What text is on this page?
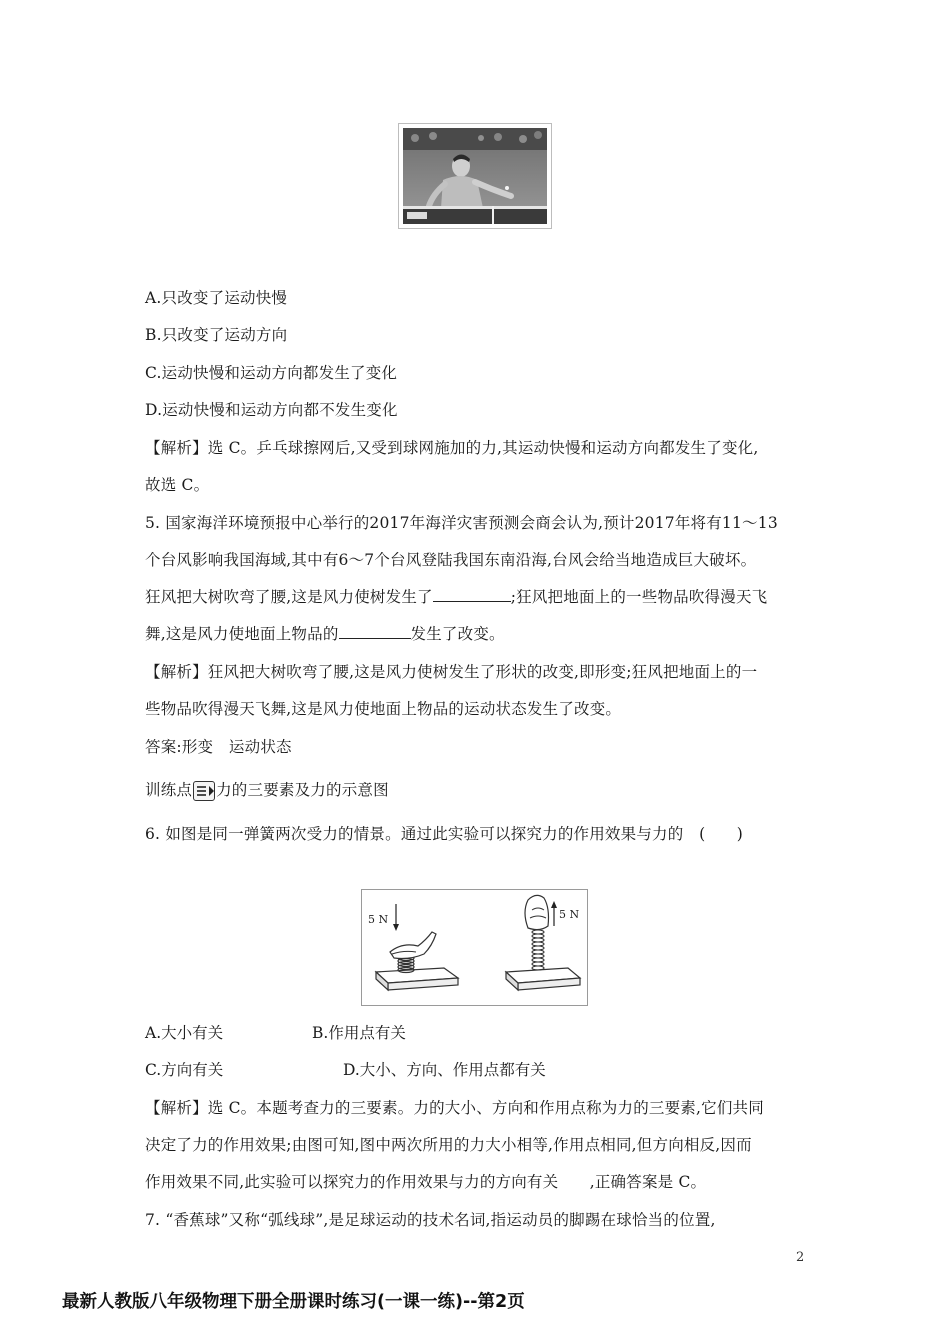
A.只改变了运动快慢
B.只改变了运动方向
C.运动快慢和运动方向都发生了变化
D.运动快慢和运动方向都不发生变化
【解析】选 C。乒乓球擦网后,又受到球网施加的力,其运动快慢和运动方向都发生了变化,
故选 C。
5. 国家海洋环境预报中心举行的2017年海洋灾害预测会商会认为,预计2017年将有11～13
个台风影响我国海域,其中有6～7个台风登陆我国东南沿海,台风会给当地造成巨大破坏。
狂风把大树吹弯了腰,这是风力使树发生了	;狂风把地面上的一些物品吹得漫天飞
舞,这是风力使地面上物品的	发生了改变。
【解析】狂风把大树吹弯了腰,这是风力使树发生了形状的改变,即形变;狂风把地面上的一
些物品吹得漫天飞舞,这是风力使地面上物品的运动状态发生了改变。
答案:形变　运动状态
训练点 力的三要素及力的示意图
6. 如图是同一弹簧两次受力的情景。通过此实验可以探究力的作用效果与力的　(　　)
5 N	5 N
A.大小有关	B.作用点有关
C.方向有关	D.大小、方向、作用点都有关
【解析】选 C。本题考查力的三要素。力的大小、方向和作用点称为力的三要素,它们共同
决定了力的作用效果;由图可知,图中两次所用的力大小相等,作用点相同,但方向相反,因而
作用效果不同,此实验可以探究力的作用效果与力的方向有关　　,正确答案是 C。
7. “香蕉球”又称“弧线球”,是足球运动的技术名词,指运动员的脚踢在球恰当的位置,
2
最新人教版八年级物理下册全册课时练习(一课一练)--第2页
